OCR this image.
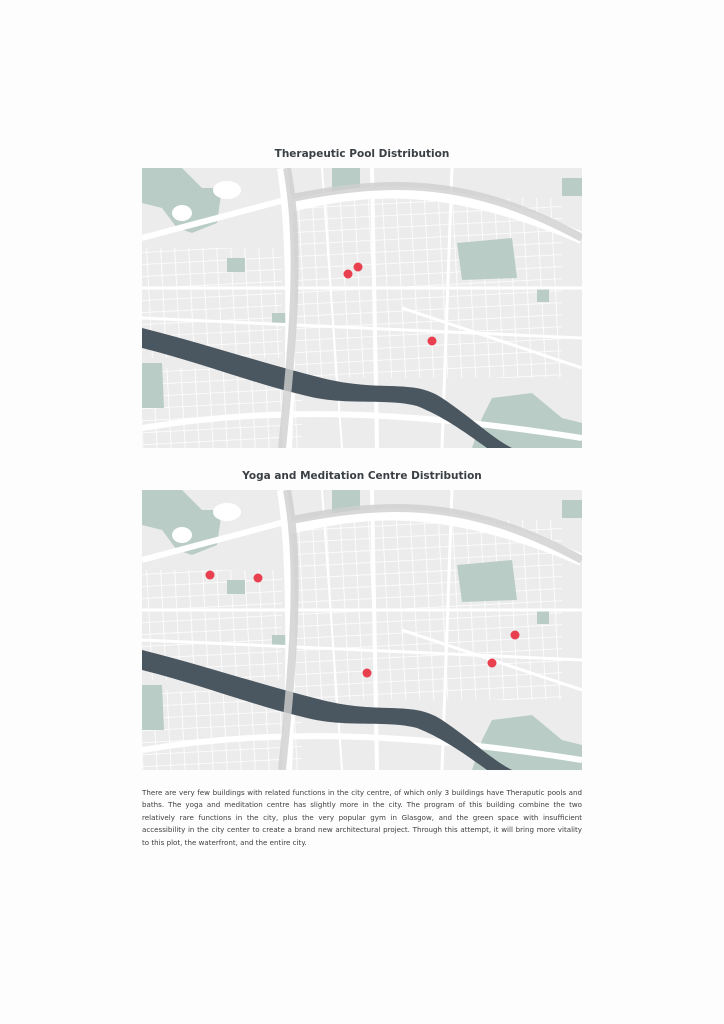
Therapeutic Pool Distribution
Yoga and Meditation Centre Distribution
There are very few buildings with related functions in the city centre, of which only 3 buildings have Theraputic pools and baths. The yoga and meditation centre has slightly more in the city. The program of this building combine the two relatively rare functions in the city, plus the very popular gym in Glasgow, and the green space with insufficient accessibility in the city center to create a brand new architectural project. Through this attempt, it will bring more vitality to this plot, the waterfront, and the entire city.
